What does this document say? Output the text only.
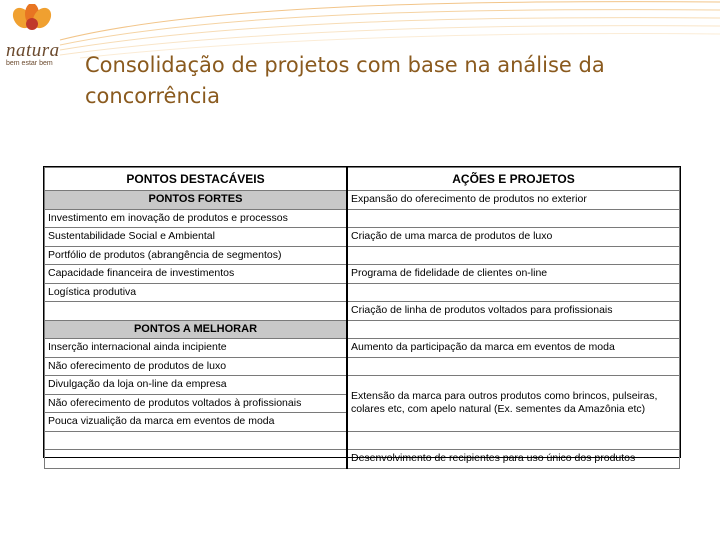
natura
bem estar bem Consolidação de projetos com base na análise da concorrência
PONTOS DESTACÁVEIS	AÇÕES E PROJETOS
PONTOS FORTES	Expansão do oferecimento de produtos no exterior
Investimento em inovação de produtos e processos	
Sustentabilidade Social e Ambiental	Criação de uma marca de produtos de luxo
Portfólio de produtos (abrangência de segmentos)	
Capacidade financeira de investimentos	Programa de fidelidade de clientes on-line
Logística produtiva	
	Criação de linha de produtos voltados para profissionais
PONTOS A MELHORAR	
Inserção internacional ainda incipiente	Aumento da participação da marca em eventos de moda
Não oferecimento de produtos de luxo	
Divulgação da loja on-line da empresa	Extensão da marca para outros produtos como brincos, pulseiras, colares etc, com apelo natural (Ex. sementes da Amazônia etc)
Não oferecimento de produtos voltados à profissionais	
Pouca vizualição da marca em eventos de moda	

	Desenvolvimento de recipientes para uso único dos produtos
